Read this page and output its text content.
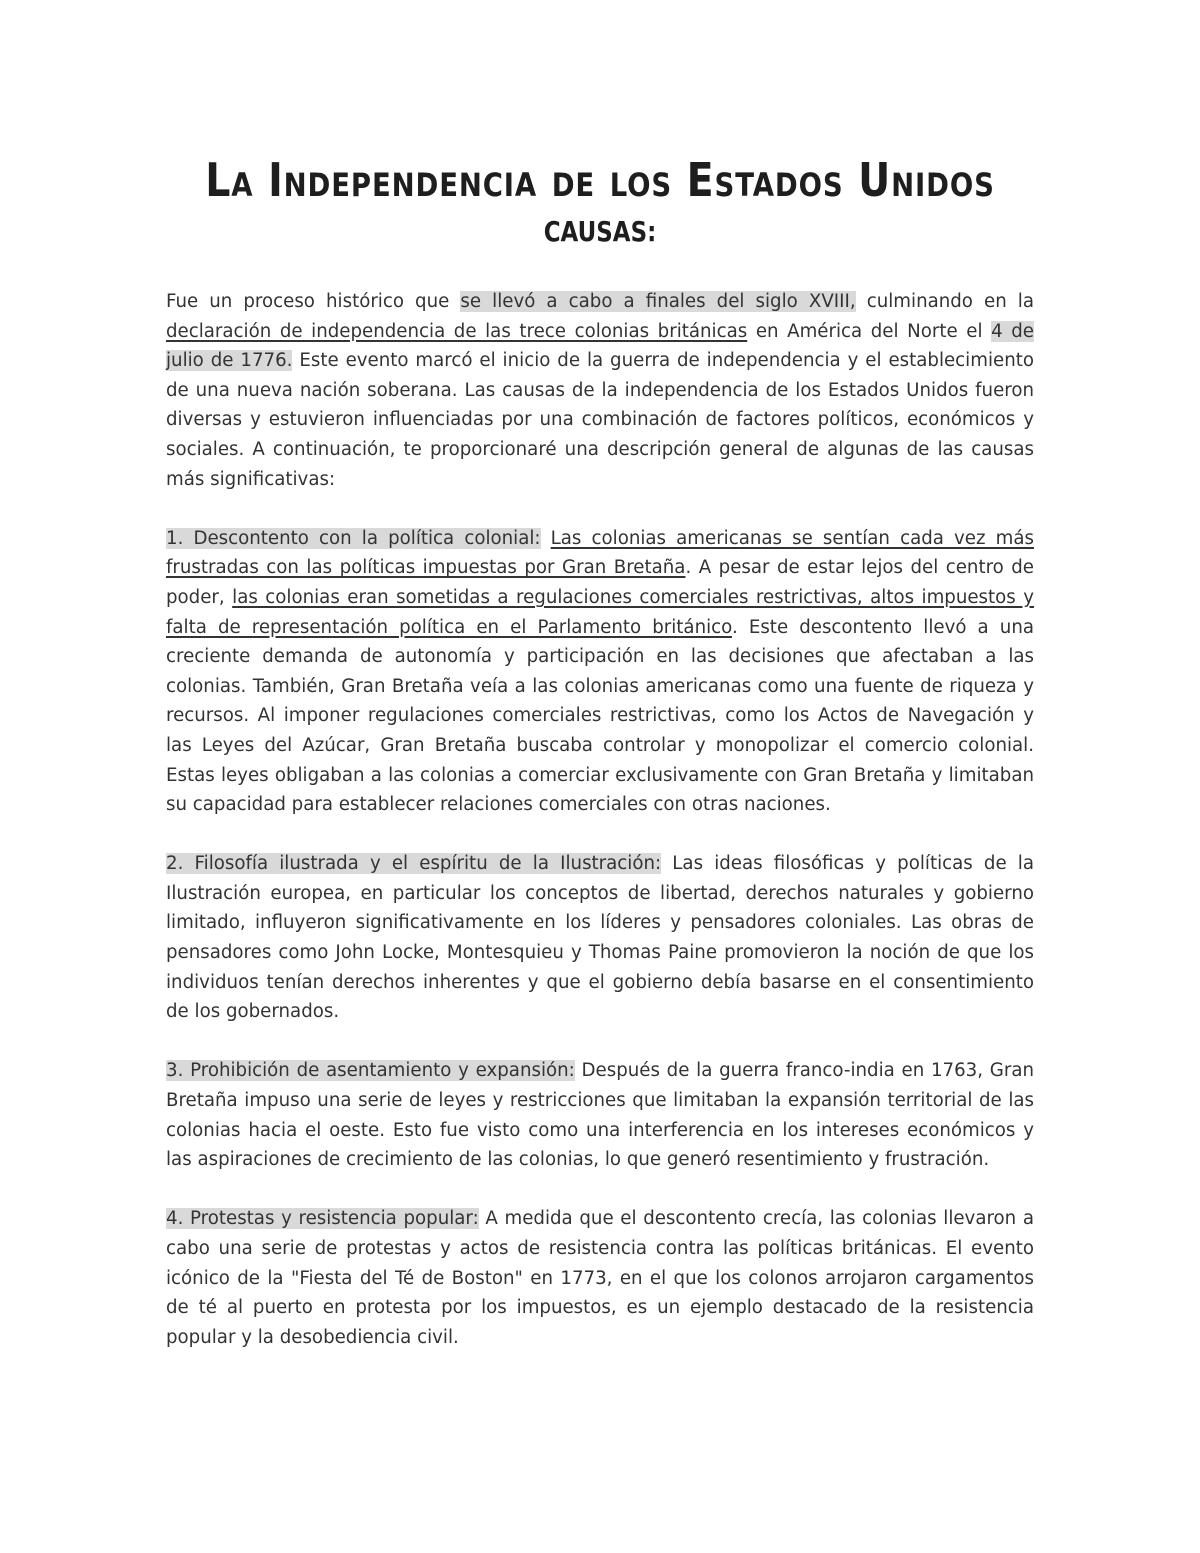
La Independencia de los Estados Unidos
CAUSAS:

Fue un proceso histórico que se llevó a cabo a finales del siglo XVIII, culminando en la declaración de independencia de las trece colonias británicas en América del Norte el 4 de julio de 1776. Este evento marcó el inicio de la guerra de independencia y el establecimiento de una nueva nación soberana. Las causas de la independencia de los Estados Unidos fueron diversas y estuvieron influenciadas por una combinación de factores políticos, económicos y sociales. A continuación, te proporcionaré una descripción general de algunas de las causas más significativas:

1. Descontento con la política colonial: Las colonias americanas se sentían cada vez más frustradas con las políticas impuestas por Gran Bretaña. A pesar de estar lejos del centro de poder, las colonias eran sometidas a regulaciones comerciales restrictivas, altos impuestos y falta de representación política en el Parlamento británico. Este descontento llevó a una creciente demanda de autonomía y participación en las decisiones que afectaban a las colonias. También, Gran Bretaña veía a las colonias americanas como una fuente de riqueza y recursos. Al imponer regulaciones comerciales restrictivas, como los Actos de Navegación y las Leyes del Azúcar, Gran Bretaña buscaba controlar y monopolizar el comercio colonial. Estas leyes obligaban a las colonias a comerciar exclusivamente con Gran Bretaña y limitaban su capacidad para establecer relaciones comerciales con otras naciones.

2. Filosofía ilustrada y el espíritu de la Ilustración: Las ideas filosóficas y políticas de la Ilustración europea, en particular los conceptos de libertad, derechos naturales y gobierno limitado, influyeron significativamente en los líderes y pensadores coloniales. Las obras de pensadores como John Locke, Montesquieu y Thomas Paine promovieron la noción de que los individuos tenían derechos inherentes y que el gobierno debía basarse en el consentimiento de los gobernados.

3. Prohibición de asentamiento y expansión: Después de la guerra franco-india en 1763, Gran Bretaña impuso una serie de leyes y restricciones que limitaban la expansión territorial de las colonias hacia el oeste. Esto fue visto como una interferencia en los intereses económicos y las aspiraciones de crecimiento de las colonias, lo que generó resentimiento y frustración.

4. Protestas y resistencia popular: A medida que el descontento crecía, las colonias llevaron a cabo una serie de protestas y actos de resistencia contra las políticas británicas. El evento icónico de la "Fiesta del Té de Boston" en 1773, en el que los colonos arrojaron cargamentos de té al puerto en protesta por los impuestos, es un ejemplo destacado de la resistencia popular y la desobediencia civil.
